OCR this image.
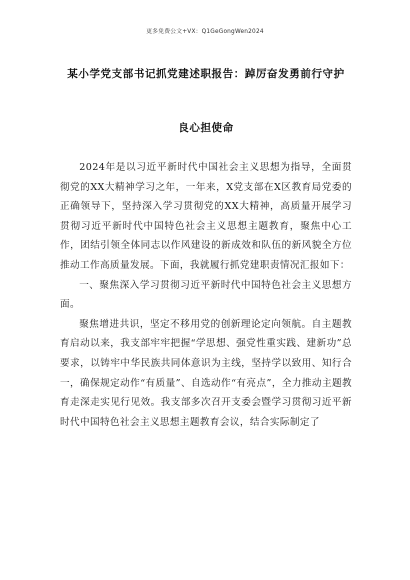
更多免费公文+VX：Q1GeGongWen2024
某小学党支部书记抓党建述职报告：踔厉奋发勇前行守护
良心担使命

2024年是以习近平新时代中国社会主义思想为指导，全面贯彻党的XX大精神学习之年，一年来，X党支部在X区教育局党委的正确领导下，坚持深入学习贯彻党的XX大精神，高质量开展学习贯彻习近平新时代中国特色社会主义思想主题教育，聚焦中心工作，团结引领全体同志以作风建设的新成效和队伍的新风貌全方位推动工作高质量发展。下面，我就履行抓党建职责情况汇报如下：

一、聚焦深入学习贯彻习近平新时代中国特色社会主义思想方面。

聚焦增进共识，坚定不移用党的创新理论定向领航。自主题教育启动以来，我支部牢牢把握“学思想、强党性重实践、建新功”总要求，以铸牢中华民族共同体意识为主线，坚持学以致用、知行合一，确保规定动作“有质量”、自选动作“有亮点”，全力推动主题教育走深走实见行见效。我支部多次召开支委会暨学习贯彻习近平新时代中国特色社会主义思想主题教育会议，结合实际制定了
